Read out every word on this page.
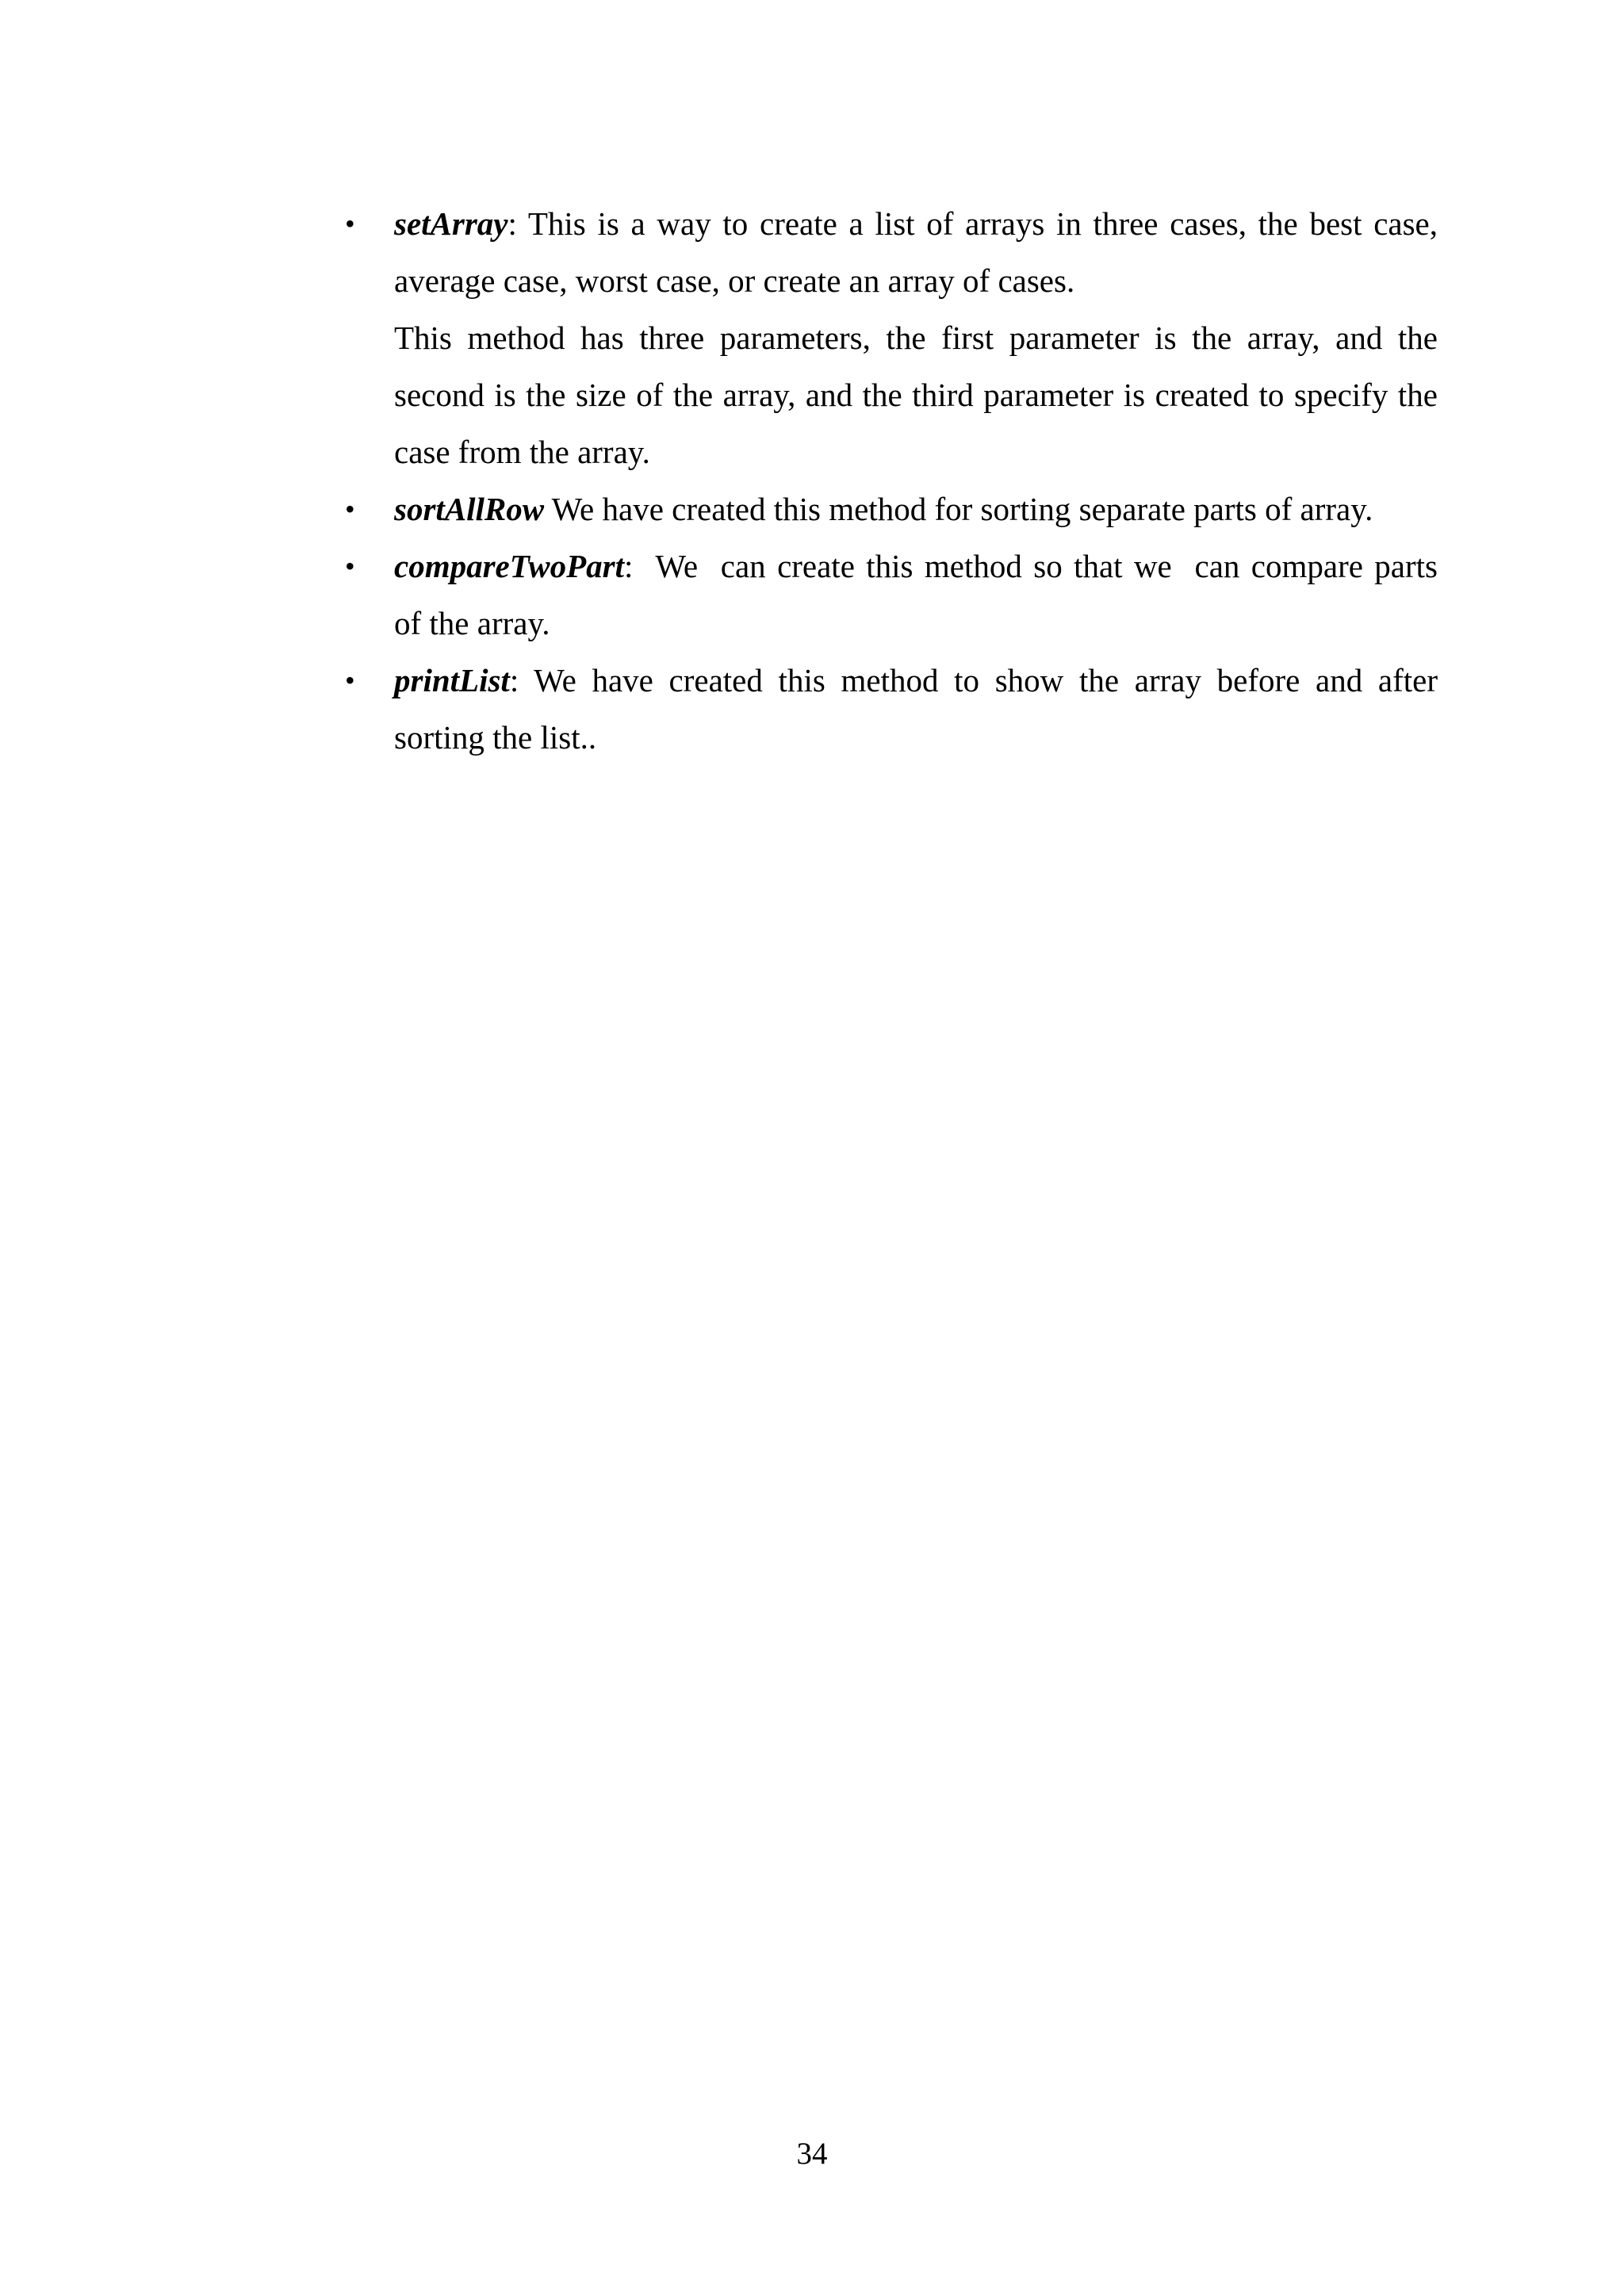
• setArray: This is a way to create a list of arrays in three cases, the best case, average case, worst case, or create an array of cases.

This method has three parameters, the first parameter is the array, and the second is the size of the array, and the third parameter is created to specify the case from the array.

• sortAllRow We have created this method for sorting separate parts of array.

• compareTwoPart:  We  can create this method so that we  can compare parts    of the array.

• printList: We have created this method to show the array before and after sorting the list..

34
